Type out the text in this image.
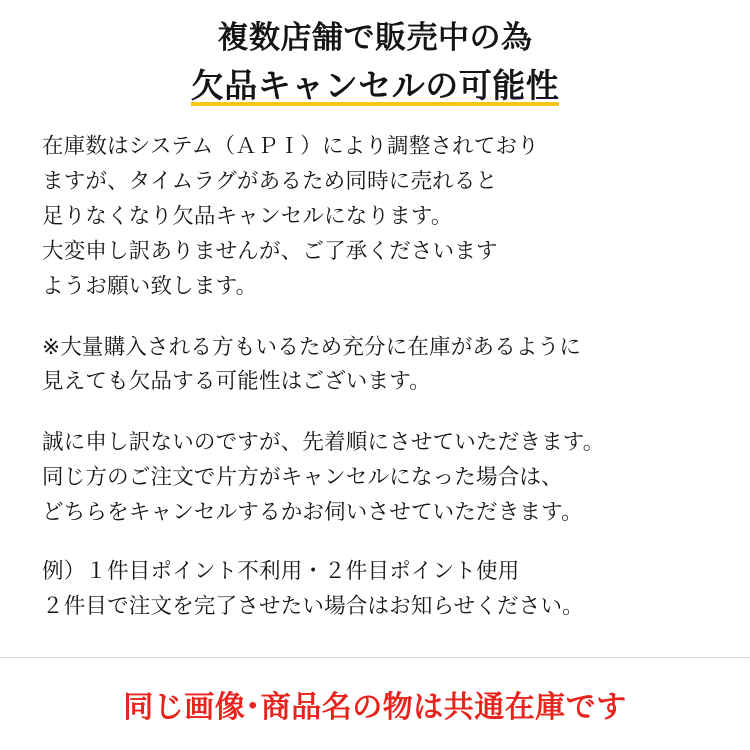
複数店舗で販売中の為
欠品キャンセルの可能性
在庫数はシステム（ＡＰＩ）により調整されており
ますが、タイムラグがあるため同時に売れると
足りなくなり欠品キャンセルになります。
大変申し訳ありませんが、ご了承くださいます
ようお願い致します。
※大量購入される方もいるため充分に在庫があるように
見えても欠品する可能性はございます。
誠に申し訳ないのですが、先着順にさせていただきます。
同じ方のご注文で片方がキャンセルになった場合は、
どちらをキャンセルするかお伺いさせていただきます。
例）１件目ポイント不利用・２件目ポイント使用
２件目で注文を完了させたい場合はお知らせください。
同じ画像･商品名の物は共通在庫です
